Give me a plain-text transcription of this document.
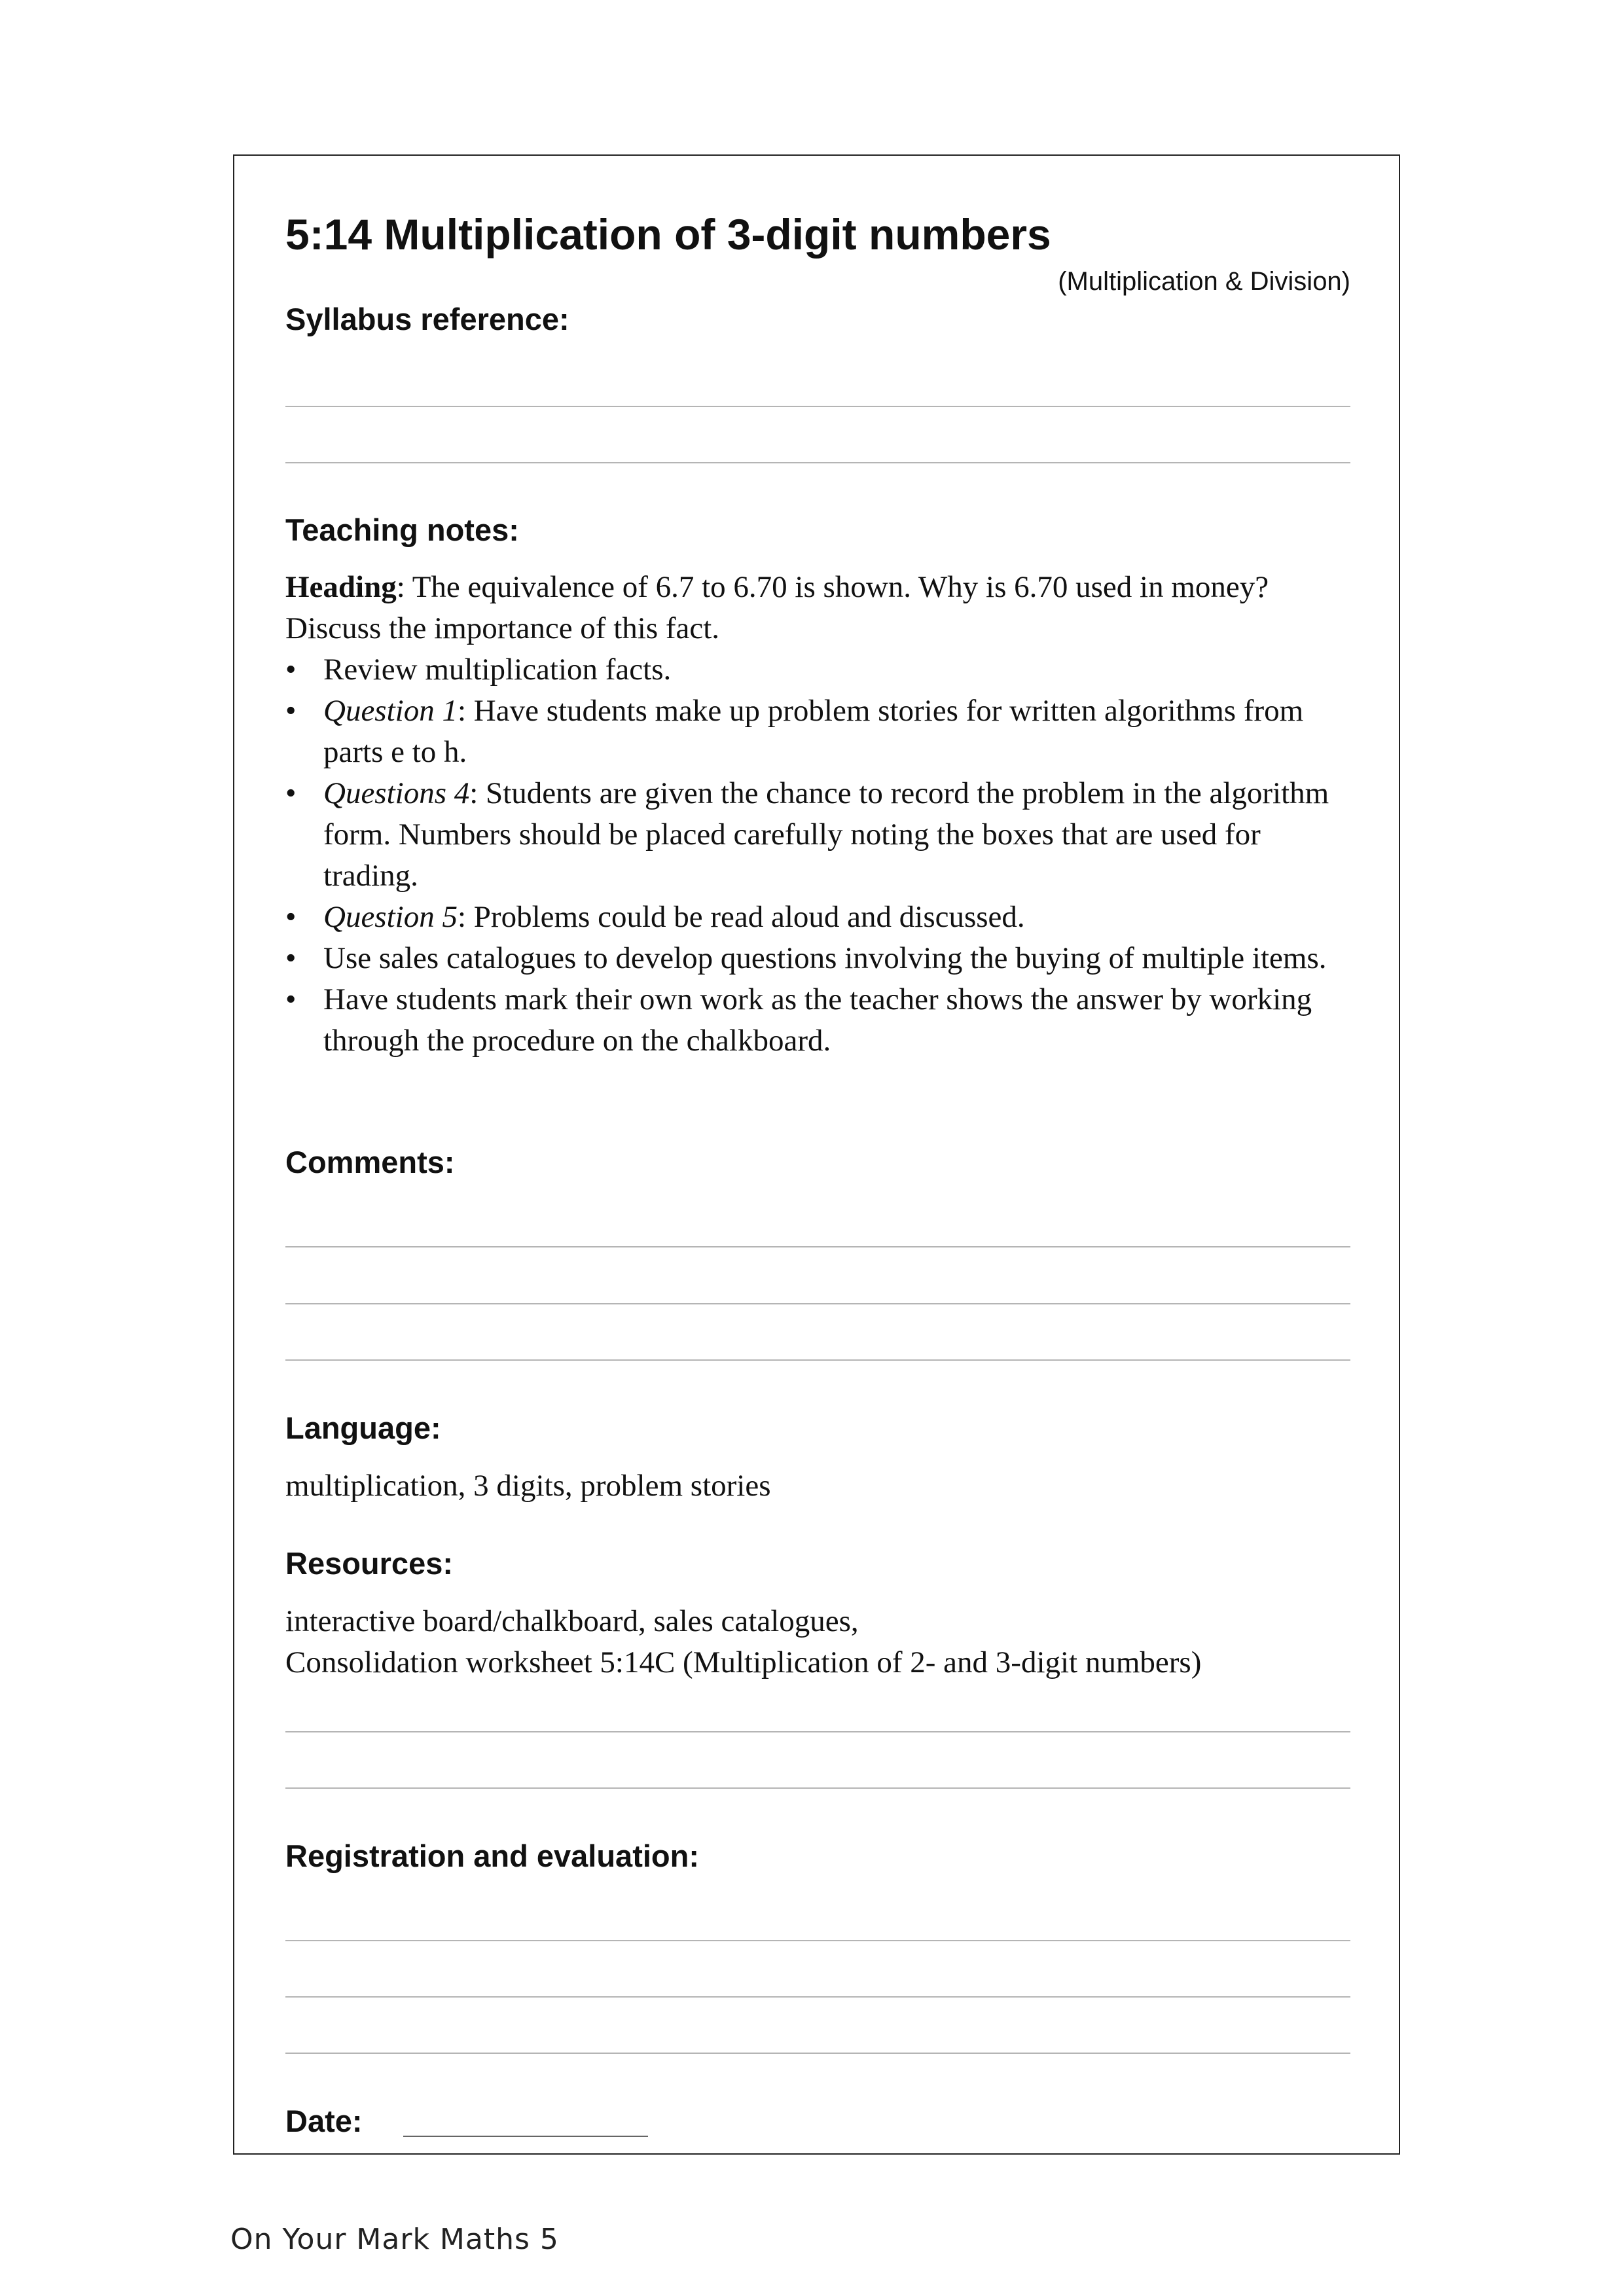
5:14 Multiplication of 3-digit numbers
(Multiplication & Division)
Syllabus reference:
Teaching notes:
Heading: The equivalence of 6.7 to 6.70 is shown. Why is 6.70 used in money? Discuss the importance of this fact.
• Review multiplication facts.
• Question 1: Have students make up problem stories for written algorithms from parts e to h.
• Questions 4: Students are given the chance to record the problem in the algorithm form. Numbers should be placed carefully noting the boxes that are used for trading.
• Question 5: Problems could be read aloud and discussed.
• Use sales catalogues to develop questions involving the buying of multiple items.
• Have students mark their own work as the teacher shows the answer by working through the procedure on the chalkboard.
Comments:
Language:
multiplication, 3 digits, problem stories
Resources:
interactive board/chalkboard, sales catalogues,
Consolidation worksheet 5:14C (Multiplication of 2- and 3-digit numbers)
Registration and evaluation:
Date:
On Your Mark Maths 5
